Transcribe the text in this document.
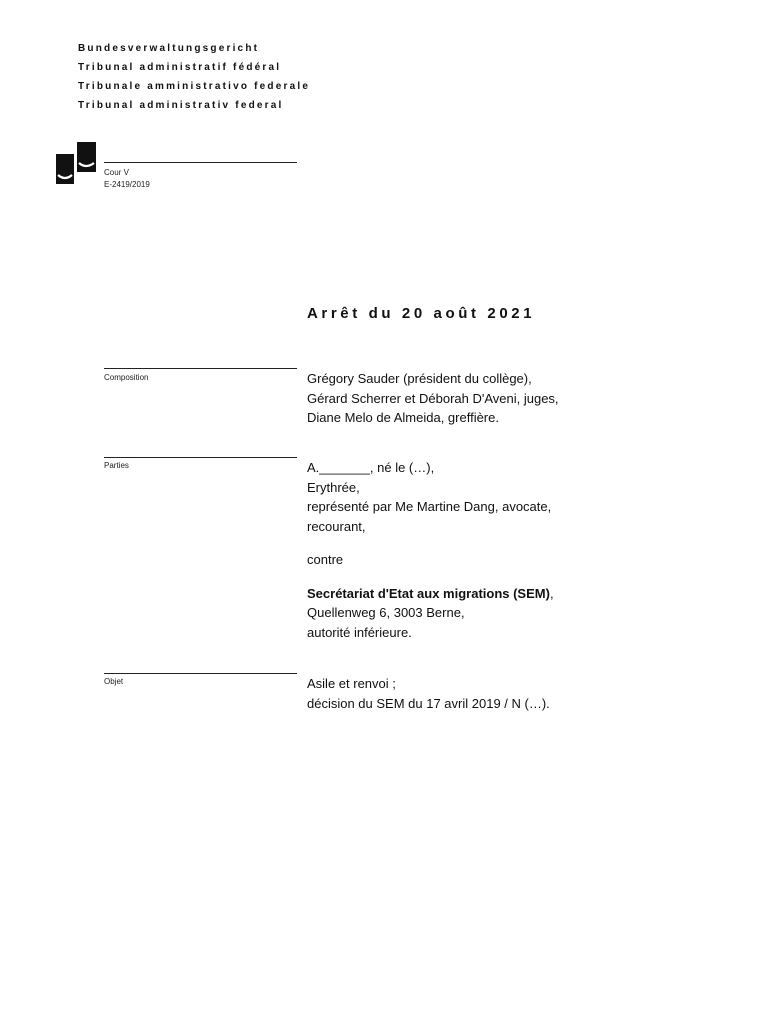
Bundesverwaltungsgericht
Tribunal administratif fédéral
Tribunale amministrativo federale
Tribunal administrativ federal
Cour V
E-2419/2019
Arrêt du 20 août 2021
Composition	Grégory Sauder (président du collège),
Gérard Scherrer et Déborah D'Aveni, juges,
Diane Melo de Almeida, greffière.
Parties	A._______, né le (…),
Erythrée,
représenté par Me Martine Dang, avocate,
recourant,
contre
Secrétariat d'Etat aux migrations (SEM),
Quellenweg 6, 3003 Berne,
autorité inférieure.
Objet	Asile et renvoi ;
décision du SEM du 17 avril 2019 / N (…).
